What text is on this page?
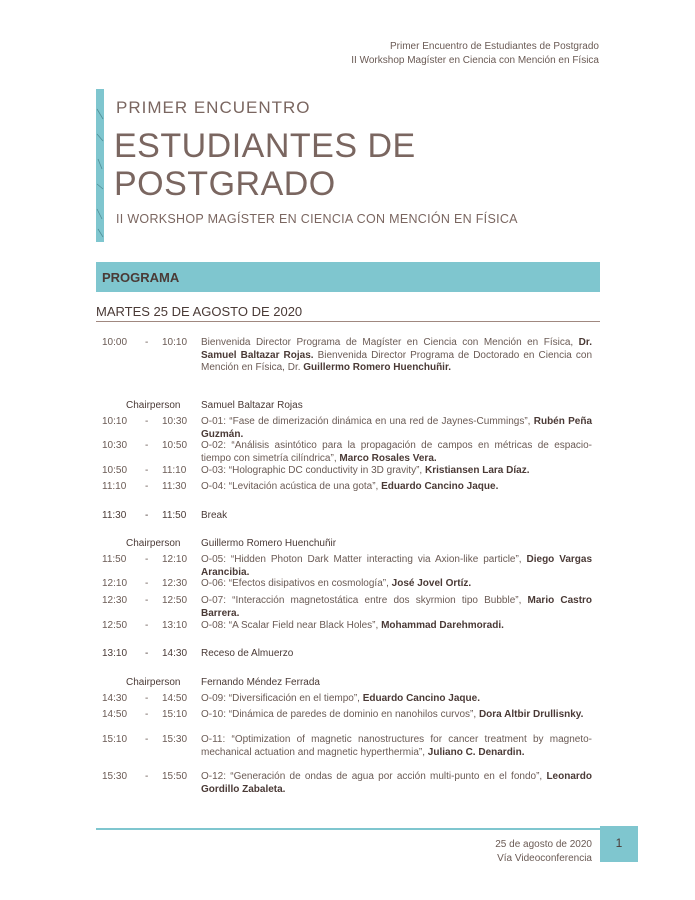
Primer Encuentro de Estudiantes de Postgrado
II Workshop Magíster en Ciencia con Mención en Física
PRIMER ENCUENTRO
ESTUDIANTES DE
POSTGRADO
II WORKSHOP MAGÍSTER EN CIENCIA CON MENCIÓN EN FÍSICA
PROGRAMA
MARTES 25 DE AGOSTO DE 2020
10:00	- 10:10	Bienvenida Director Programa de Magíster en Ciencia con Mención en Física, Dr. Samuel Baltazar Rojas. Bienvenida Director Programa de Doctorado en Ciencia con Mención en Física, Dr. Guillermo Romero Huenchuñir.
Chairperson Samuel Baltazar Rojas
10:10	- 10:30	O-01: “Fase de dimerización dinámica en una red de Jaynes-Cummings”, Rubén Peña Guzmán.
10:30	- 10:50	O-02: “Análisis asintótico para la propagación de campos en métricas de espacio-tiempo con simetría cilíndrica”, Marco Rosales Vera.
10:50	- 11:10	O-03: “Holographic DC conductivity in 3D gravity”, Kristiansen Lara Díaz.
11:10	- 11:30	O-04: “Levitación acústica de una gota”, Eduardo Cancino Jaque.
11:30	- 11:50	Break
Chairperson Guillermo Romero Huenchuñir
11:50	- 12:10	O-05: “Hidden Photon Dark Matter interacting via Axion-like particle”, Diego Vargas Arancibia.
12:10	- 12:30	O-06: “Efectos disipativos en cosmología”, José Jovel Ortíz.
12:30	- 12:50	O-07: “Interacción magnetostática entre dos skyrmion tipo Bubble”, Mario Castro Barrera.
12:50	- 13:10	O-08: “A Scalar Field near Black Holes”, Mohammad Darehmoradi.
13:10	- 14:30	Receso de Almuerzo
Chairperson Fernando Méndez Ferrada
14:30	- 14:50	O-09: “Diversificación en el tiempo”, Eduardo Cancino Jaque.
14:50	- 15:10	O-10: “Dinámica de paredes de dominio en nanohilos curvos”, Dora Altbir Drullisnky.
15:10	- 15:30	O-11: “Optimization of magnetic nanostructures for cancer treatment by magneto-mechanical actuation and magnetic hyperthermia”, Juliano C. Denardin.
15:30	- 15:50	O-12: “Generación de ondas de agua por acción multi-punto en el fondo”, Leonardo Gordillo Zabaleta.
25 de agosto de 2020
Vía Videoconferencia
1
